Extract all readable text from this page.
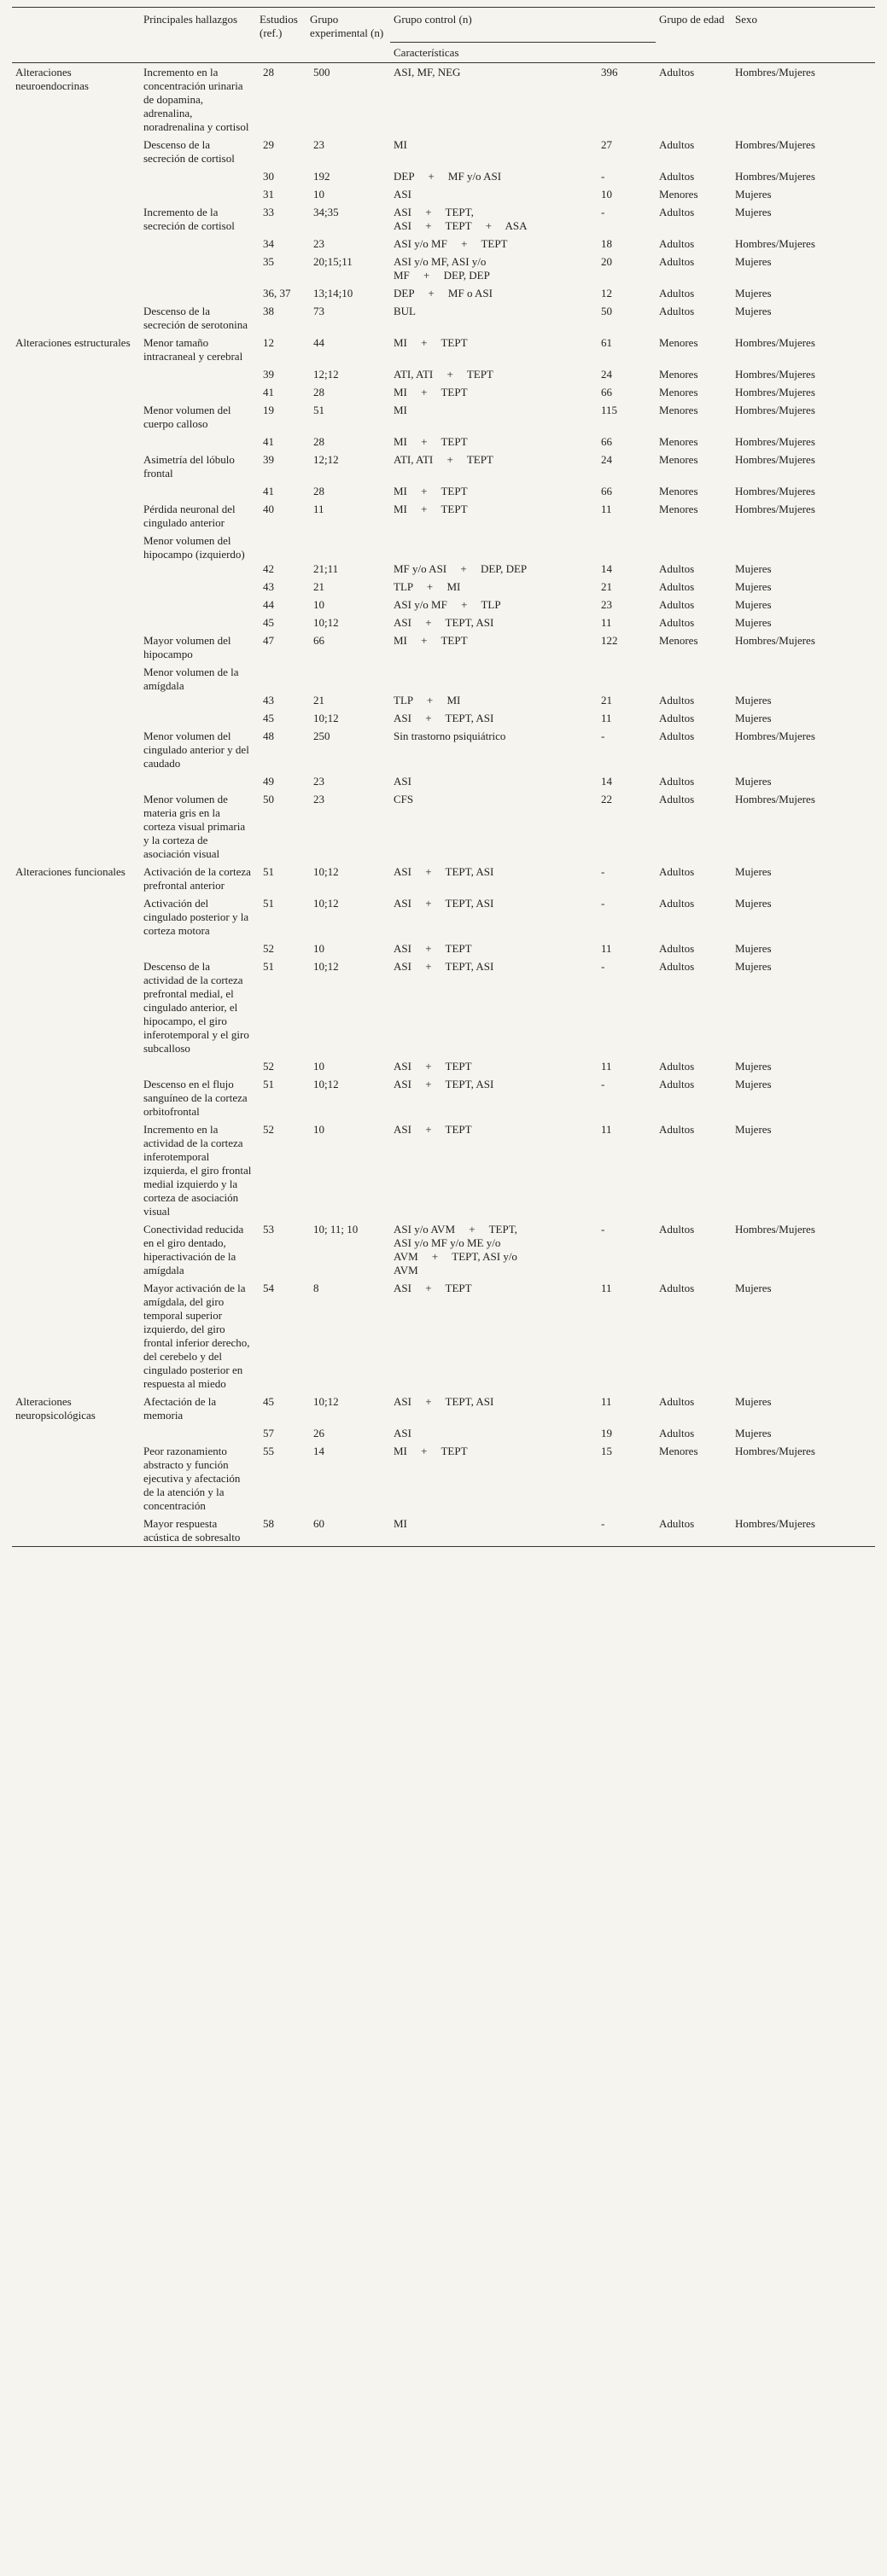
	Principales hallazgos	Estudios (ref.)	Grupo experimental (n)	Grupo control (n)		Grupo de edad	Sexo
				Características			
Alteraciones neuroendocrinas	Incremento en la concentración urinaria de dopamina, adrenalina, noradrenalina y cortisol	28	500	ASI, MF, NEG	396	Adultos	Hombres/Mujeres
	Descenso de la secreción de cortisol	29	23	MI	27	Adultos	Hombres/Mujeres
		30	192	DEP     +     MF y/o ASI	-	Adultos	Hombres/Mujeres
		31	10	ASI	10	Menores	Mujeres
	Incremento de la secreción de cortisol	33	34;35	ASI     +     TEPT,
ASI     +     TEPT     +     ASA	-	Adultos	Mujeres
		34	23	ASI y/o MF     +     TEPT	18	Adultos	Hombres/Mujeres
		35	20;15;11	ASI y/o MF, ASI y/o
MF     +     DEP, DEP	20	Adultos	Mujeres
		36, 37	13;14;10	DEP     +     MF o ASI	12	Adultos	Mujeres
	Descenso de la secreción de serotonina	38	73	BUL	50	Adultos	Mujeres
Alteraciones estructurales	Menor tamaño intracraneal y cerebral	12	44	MI     +     TEPT	61	Menores	Hombres/Mujeres
		39	12;12	ATI, ATI     +     TEPT	24	Menores	Hombres/Mujeres
		41	28	MI     +     TEPT	66	Menores	Hombres/Mujeres
	Menor volumen del cuerpo calloso	19	51	MI	115	Menores	Hombres/Mujeres
		41	28	MI     +     TEPT	66	Menores	Hombres/Mujeres
	Asimetría del lóbulo frontal	39	12;12	ATI, ATI     +     TEPT	24	Menores	Hombres/Mujeres
		41	28	MI     +     TEPT	66	Menores	Hombres/Mujeres
	Pérdida neuronal del cingulado anterior	40	11	MI     +     TEPT	11	Menores	Hombres/Mujeres
	Menor volumen del hipocampo (izquierdo)	42	21;11	MF y/o ASI     +     DEP, DEP	14	Adultos	Mujeres
		43	21	TLP     +     MI	21	Adultos	Mujeres
		44	10	ASI y/o MF     +     TLP	23	Adultos	Mujeres
		45	10;12	ASI     +     TEPT, ASI	11	Adultos	Mujeres
	Mayor volumen del hipocampo	47	66	MI     +     TEPT	122	Menores	Hombres/Mujeres
	Menor volumen de la amígdala	43	21	TLP     +     MI	21	Adultos	Mujeres
		45	10;12	ASI     +     TEPT, ASI	11	Adultos	Mujeres
	Menor volumen del cingulado anterior y del caudado	48	250	Sin trastorno psiquiátrico	-	Adultos	Hombres/Mujeres
		49	23	ASI	14	Adultos	Mujeres
	Menor volumen de materia gris en la corteza visual primaria y la corteza de asociación visual	50	23	CFS	22	Adultos	Hombres/Mujeres
Alteraciones funcionales	Activación de la corteza prefrontal anterior	51	10;12	ASI     +     TEPT, ASI	-	Adultos	Mujeres
	Activación del cingulado posterior y la corteza motora	51	10;12	ASI     +     TEPT, ASI	-	Adultos	Mujeres
		52	10	ASI     +     TEPT	11	Adultos	Mujeres
	Descenso de la actividad de la corteza prefrontal medial, el cingulado anterior, el hipocampo, el giro inferotemporal y el giro subcalloso	51	10;12	ASI     +     TEPT, ASI	-	Adultos	Mujeres
		52	10	ASI     +     TEPT	11	Adultos	Mujeres
	Descenso en el flujo sanguíneo de la corteza orbitofrontal	51	10;12	ASI     +     TEPT, ASI	-	Adultos	Mujeres
	Incremento en la actividad de la corteza inferotemporal izquierda, el giro frontal medial izquierdo y la corteza de asociación visual	52	10	ASI     +     TEPT	11	Adultos	Mujeres
	Conectividad reducida en el giro dentado, hiperactivación de la amígdala	53	10; 11; 10	ASI y/o AVM     +     TEPT,
ASI y/o MF y/o ME y/o
AVM     +     TEPT, ASI y/o
AVM	-	Adultos	Hombres/Mujeres
	Mayor activación de la amígdala, del giro temporal superior izquierdo, del giro frontal inferior derecho, del cerebelo y del cingulado posterior en respuesta al miedo	54	8	ASI     +     TEPT	11	Adultos	Mujeres
Alteraciones neuropsicológicas	Afectación de la memoria	45	10;12	ASI     +     TEPT, ASI	11	Adultos	Mujeres
		57	26	ASI	19	Adultos	Mujeres
	Peor razonamiento abstracto y función ejecutiva y afectación de la atención y la concentración	55	14	MI     +     TEPT	15	Menores	Hombres/Mujeres
	Mayor respuesta acústica de sobresalto	58	60	MI	-	Adultos	Hombres/Mujeres
